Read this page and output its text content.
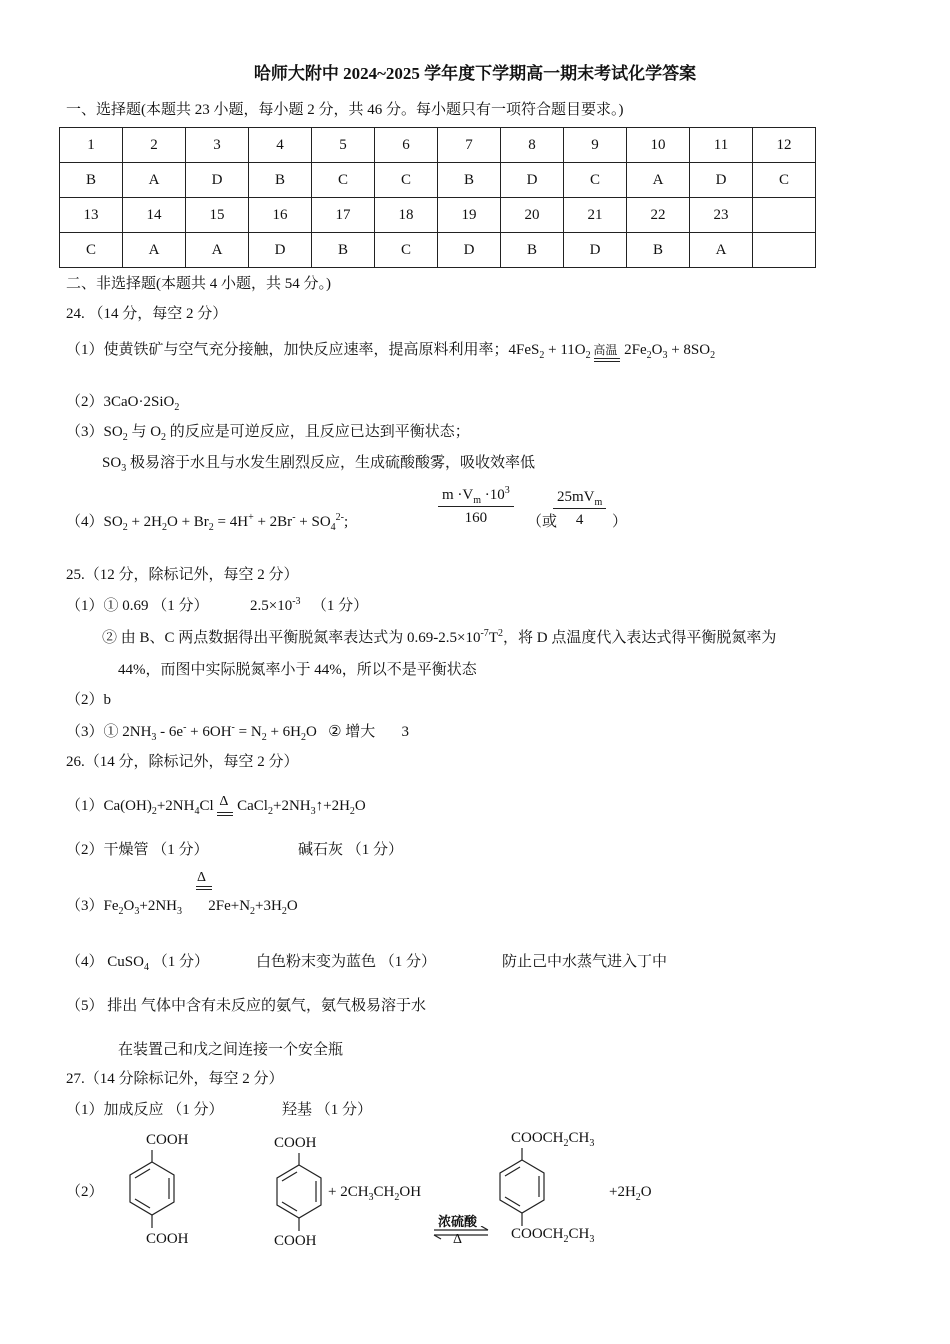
哈师大附中 2024~2025 学年度下学期高一期末考试化学答案
一、选择题(本题共 23 小题，每小题 2 分，共 46 分。每小题只有一项符合题目要求。)
1	2	3	4	5	6	7	8	9	10	11	12
B	A	D	B	C	C	B	D	C	A	D	C
13	14	15	16	17	18	19	20	21	22	23	
C	A	A	D	B	C	D	B	D	B	A	
二、非选择题(本题共 4 小题，共 54 分。)
24. （14 分，每空 2 分）
（1）使黄铁矿与空气充分接触，加快反应速率，提高原料利用率；$4FeS_2 + 11O_2$ 高温 $2Fe_2O_3 + 8SO_2$
（2）3CaO·2SiO$_2$
$(3)SO_2$ 与 $O_2$ 的反应是可逆反应，且反应已达到平衡状态；
$SO_3$ 极易溶于水且与水发生剧烈反应，生成硫酸酸雾，吸收效率低
$(4)SO_2 + 2H_2O + Br_2 = 4H^+ + 2Br^- + SO_4^{2-}$;	$\frac{m \cdot V_m \cdot 10^3}{160}$ （或
$25mV_m$
4	）
25.（12 分，除标记外，每空 2 分）
（1）① 0.69 （1 分）	$2.5\times 10^{-3}$ （1 分）
② 由 B、C 两点数据得出平衡脱氮率表达式为 $0.69-2.5\times 10^{-7}T^2$，将 D 点温度代入表达式得平衡脱氮率为
44%，而图中实际脱氮率小于 44%，所以不是平衡状态
（2）b
（3）① $2NH_3 - 6e^- + 6OH^- = N_2 + 6H_2O$   ② 增大 3
26.（14 分，除标记外，每空 2 分）
$(1)Ca(OH)_2+2NH_4Cl$ Δ $CaCl_2+2NH_3↑+2H_2O$
（2）干燥管 （1 分）	碱石灰 （1 分）
Δ
$(3)Fe_2O_3+2NH_3$       $2Fe+N_2+3H_2O$
（4） CuSO$_4$ （1 分）	白色粉末变为蓝色 （1 分）	防止己中水蒸气进入丁中
（5） 排出 气体中含有未反应的氨气，氨气极易溶于水
在装置己和戊之间连接一个安全瓶
27.（14 分除标记外，每空 2 分）
（1）加成反应 （1 分）	羟基 （1 分）
（2）
COOH
COOH
COOH
COOH
+ $2CH_3CH_2OH$
浓硫酸
Δ
$COOCH_2CH_3$
$COOCH_2CH_3$
$+2H_2O$
